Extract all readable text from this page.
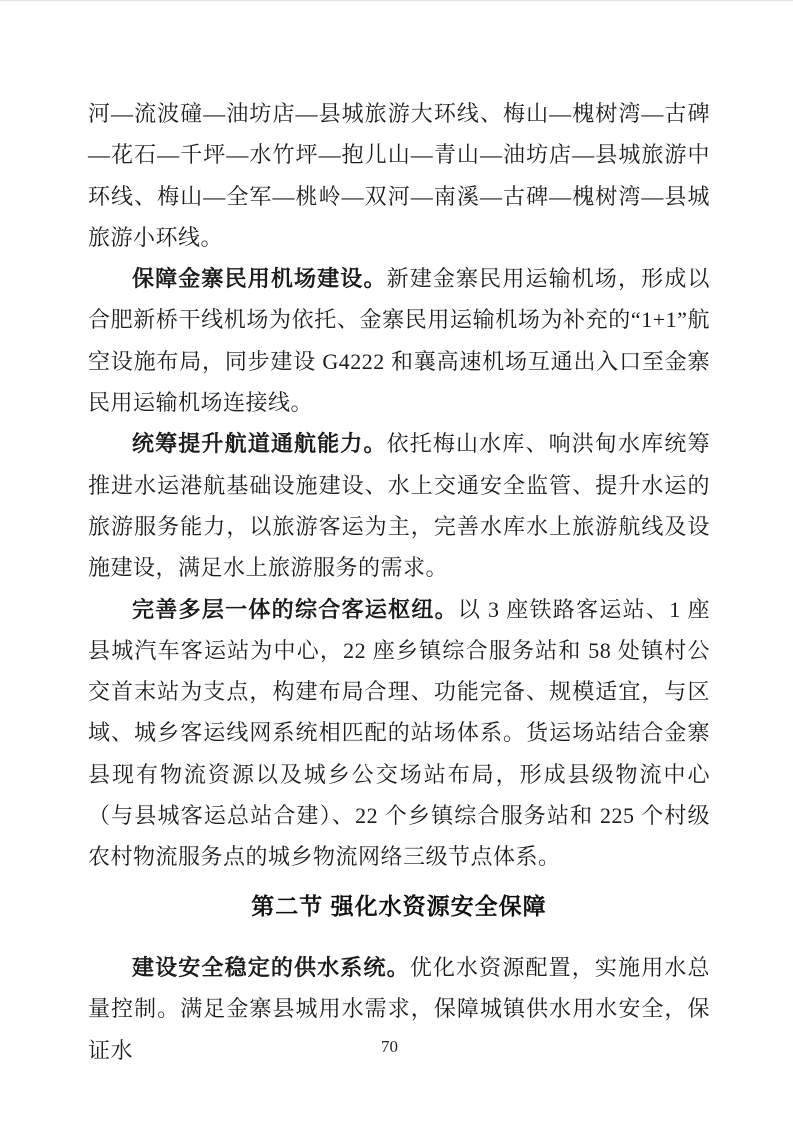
河—流波䃥—油坊店—县城旅游大环线、梅山—槐树湾—古碑—花石—千坪—水竹坪—抱儿山—青山—油坊店—县城旅游中环线、梅山—全军—桃岭—双河—南溪—古碑—槐树湾—县城旅游小环线。

保障金寨民用机场建设。新建金寨民用运输机场，形成以合肥新桥干线机场为依托、金寨民用运输机场为补充的“1+1”航空设施布局，同步建设 G4222 和襄高速机场互通出入口至金寨民用运输机场连接线。

统筹提升航道通航能力。依托梅山水库、响洪甸水库统筹推进水运港航基础设施建设、水上交通安全监管、提升水运的旅游服务能力，以旅游客运为主，完善水库水上旅游航线及设施建设，满足水上旅游服务的需求。

完善多层一体的综合客运枢纽。以 3 座铁路客运站、1 座县城汽车客运站为中心，22 座乡镇综合服务站和 58 处镇村公交首末站为支点，构建布局合理、功能完备、规模适宜，与区域、城乡客运线网系统相匹配的站场体系。货运场站结合金寨县现有物流资源以及城乡公交场站布局，形成县级物流中心（与县城客运总站合建）、22 个乡镇综合服务站和 225 个村级农村物流服务点的城乡物流网络三级节点体系。

第二节 强化水资源安全保障

建设安全稳定的供水系统。优化水资源配置，实施用水总量控制。满足金寨县城用水需求，保障城镇供水用水安全，保证水	70
